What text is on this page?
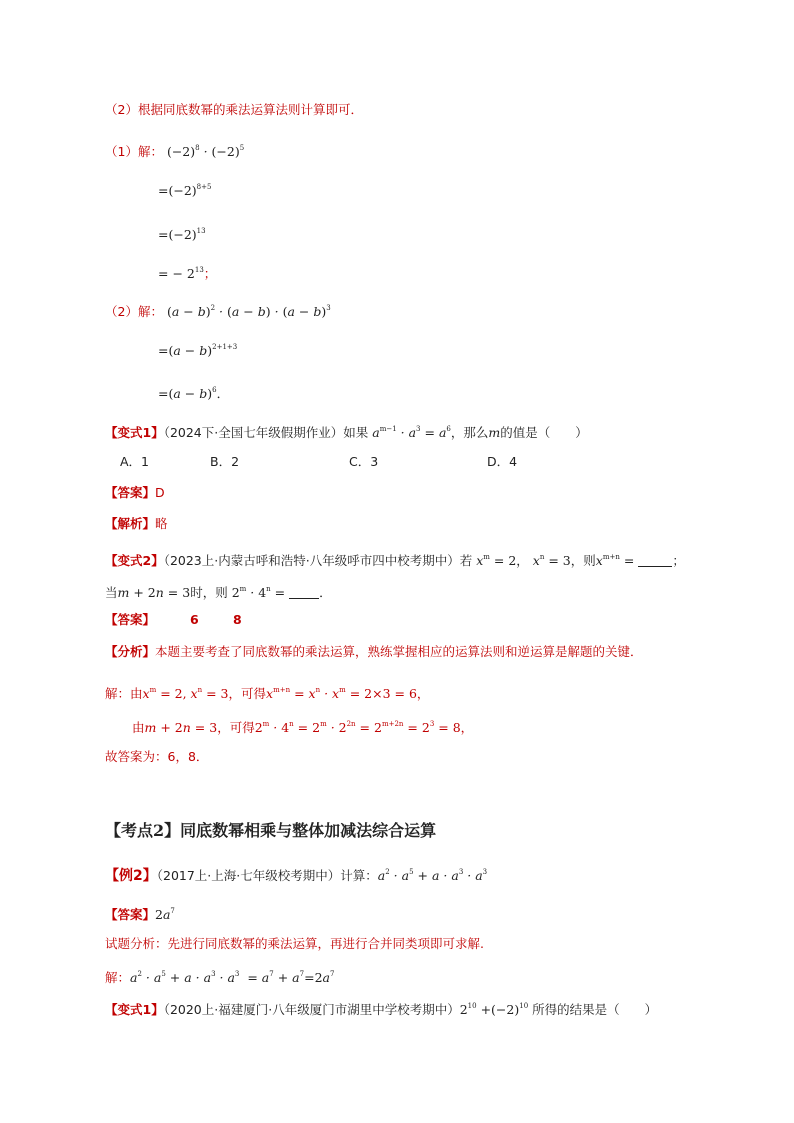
（2）根据同底数幂的乘法运算法则计算即可．
（1）解： $(-2)^8 \cdot (-2)^5$
$=(-2)^{8+5}$
$=(-2)^{13}$
= − $2^{13}$；
（2）解： $(a - b)^2 \cdot (a - b) \cdot (a - b)^3$
$=(a - b)^{2+1+3}$
$=(a - b)^6$．
【变式1】（2024下·全国七年级假期作业）如果 $a^{m-1} \cdot a^3 = a^6$，那么m的值是（　　）
A．1	B．2	C．3	D．4
【答案】D
【解析】略
【变式2】（2023上·内蒙古呼和浩特·八年级呼市四中校考期中）若 $x^m = 2$， $x^n = 3$，则$x^{m+n}$ =	；
当m + 2n = 3时，则 $2^m \cdot 4^n$ =	．
【答案】	6	8
【分析】本题主要考查了同底数幂的乘法运算，熟练掌握相应的运算法则和逆运算是解题的关键．
解：由$x^m = 2$, $x^n = 3$，可得$x^{m+n} = x^n \cdot x^m = 2\times 3 = 6$，
由m + 2n = 3，可得$2^m \cdot 4^n = 2^m \cdot 2^{2n} = 2^{m+2n} = 2^3 = 8$，
故答案为：6，8．
【考点2】同底数幂相乘与整体加减法综合运算
【例2】（2017上·上海·七年级校考期中）计算：$a^2 \cdot a^5 + a \cdot a^3 \cdot a^3$
【答案】$2a^7$
试题分析：先进行同底数幂的乘法运算，再进行合并同类项即可求解.
解：$a^2 \cdot a^5 + a \cdot a^3 \cdot a^3 = a^7 + a^7=2a^7$
【变式1】（2020上·福建厦门·八年级厦门市湖里中学校考期中）$2^{10} +(-2)^{10}$ 所得的结果是（　　）
